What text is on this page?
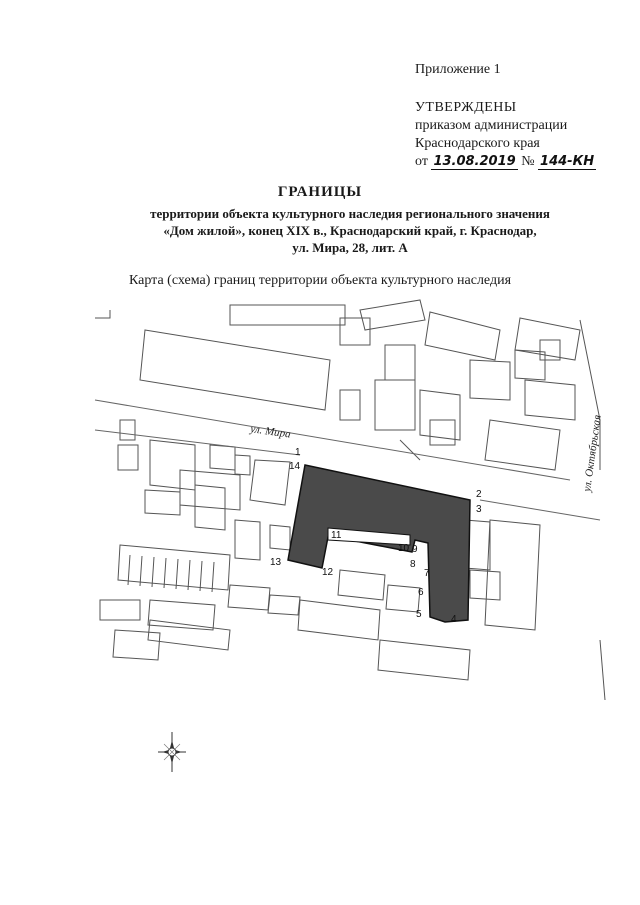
Приложение 1
УТВЕРЖДЕНЫ
приказом администрации
Краснодарского края
от 13.08.2019 № 144-КН
ГРАНИЦЫ
территории объекта культурного наследия регионального значения
«Дом жилой», конец XIX в., Краснодарский край, г. Краснодар,
ул. Мира, 28, лит. А
Карта (схема) границ территории объекта культурного наследия
1
2
3
4
5
6
7
8
9
10
11
12
13
14
ул. Мира	ул. Октябрьская
